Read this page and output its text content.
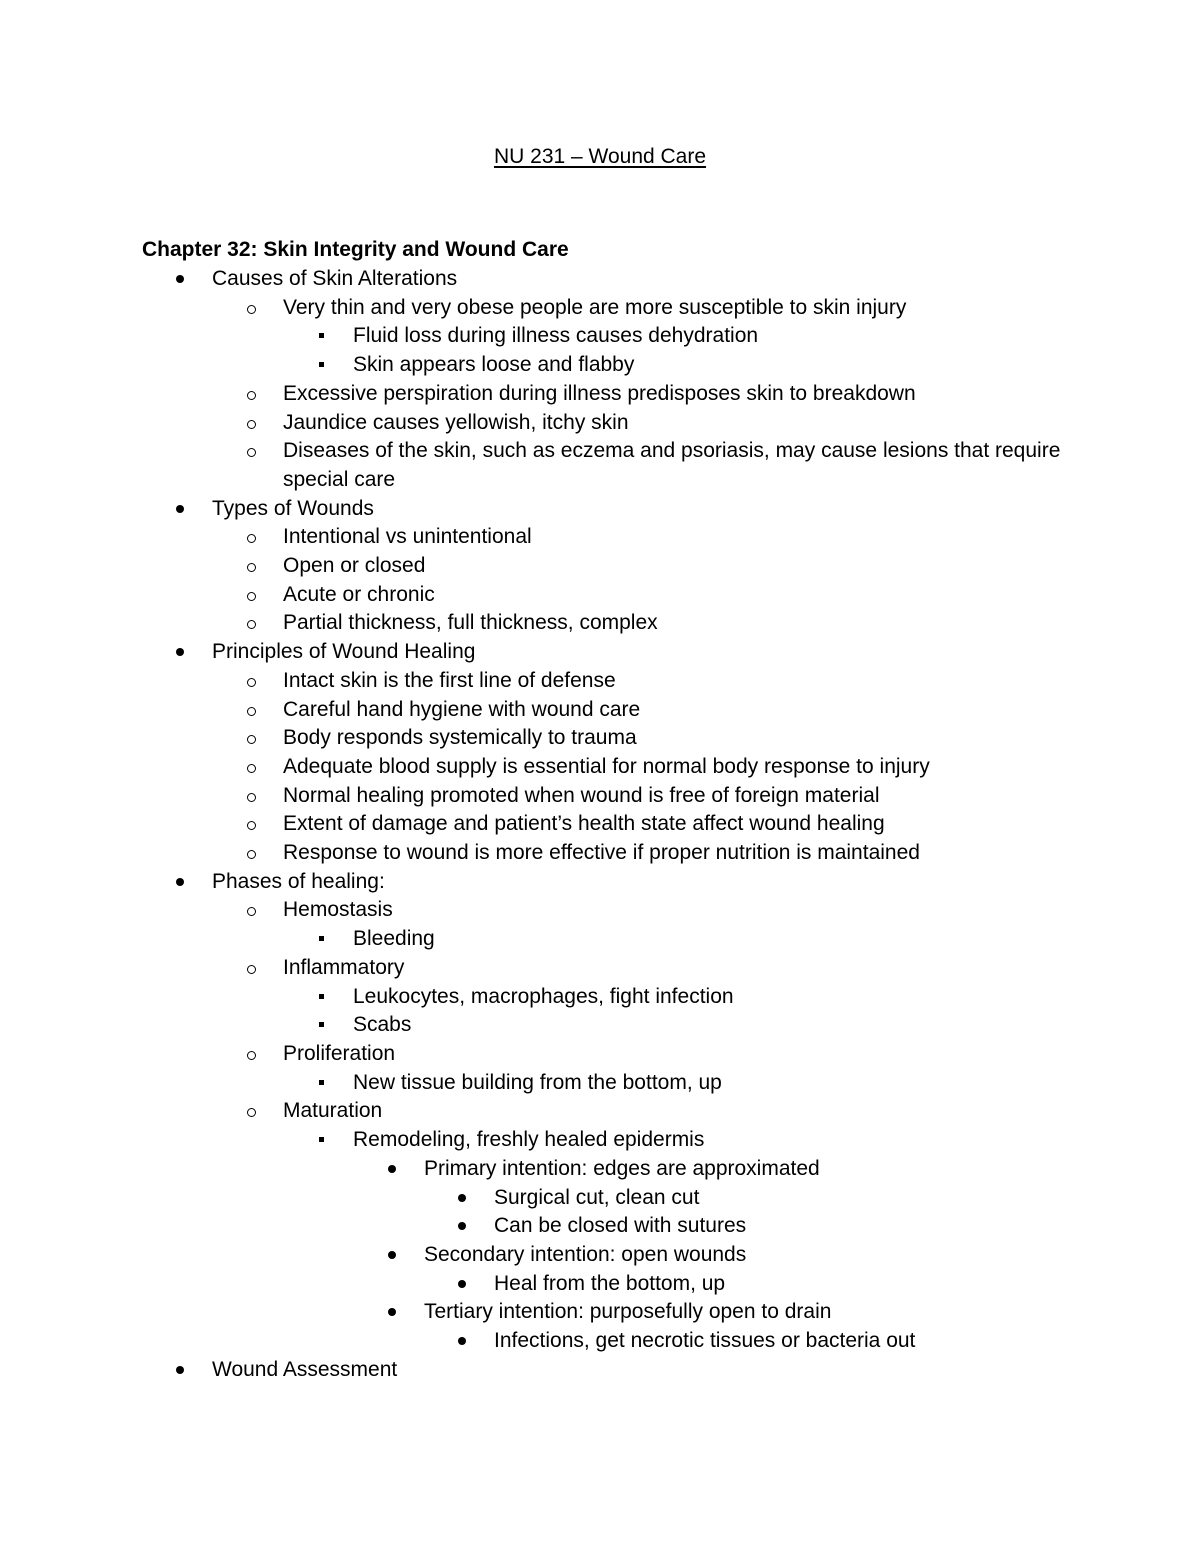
NU 231 – Wound Care
Chapter 32: Skin Integrity and Wound Care
Causes of Skin Alterations
Very thin and very obese people are more susceptible to skin injury
Fluid loss during illness causes dehydration
Skin appears loose and flabby
Excessive perspiration during illness predisposes skin to breakdown
Jaundice causes yellowish, itchy skin
Diseases of the skin, such as eczema and psoriasis, may cause lesions that require special care
Types of Wounds
Intentional vs unintentional
Open or closed
Acute or chronic
Partial thickness, full thickness, complex
Principles of Wound Healing
Intact skin is the first line of defense
Careful hand hygiene with wound care
Body responds systemically to trauma
Adequate blood supply is essential for normal body response to injury
Normal healing promoted when wound is free of foreign material
Extent of damage and patient’s health state affect wound healing
Response to wound is more effective if proper nutrition is maintained
Phases of healing:
Hemostasis
Bleeding
Inflammatory
Leukocytes, macrophages, fight infection
Scabs
Proliferation
New tissue building from the bottom, up
Maturation
Remodeling, freshly healed epidermis
Primary intention: edges are approximated
Surgical cut, clean cut
Can be closed with sutures
Secondary intention: open wounds
Heal from the bottom, up
Tertiary intention: purposefully open to drain
Infections, get necrotic tissues or bacteria out
Wound Assessment
